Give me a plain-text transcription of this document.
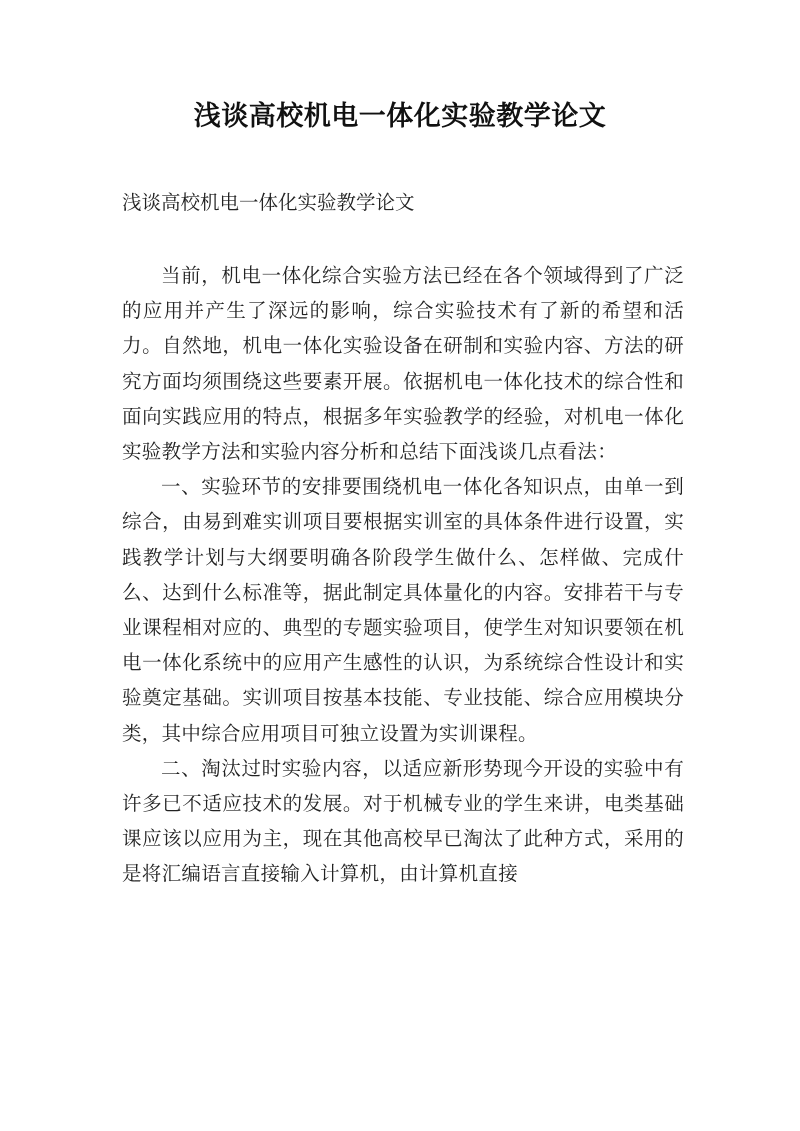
浅谈高校机电一体化实验教学论文

浅谈高校机电一体化实验教学论文

当前，机电一体化综合实验方法已经在各个领域得到了广泛的应用并产生了深远的影响，综合实验技术有了新的希望和活力。自然地，机电一体化实验设备在研制和实验内容、方法的研究方面均须围绕这些要素开展。依据机电一体化技术的综合性和面向实践应用的特点，根据多年实验教学的经验，对机电一体化实验教学方法和实验内容分析和总结下面浅谈几点看法：

一、实验环节的安排要围绕机电一体化各知识点，由单一到综合，由易到难实训项目要根据实训室的具体条件进行设置，实践教学计划与大纲要明确各阶段学生做什么、怎样做、完成什么、达到什么标准等，据此制定具体量化的内容。安排若干与专业课程相对应的、典型的专题实验项目，使学生对知识要领在机电一体化系统中的应用产生感性的认识，为系统综合性设计和实验奠定基础。实训项目按基本技能、专业技能、综合应用模块分类，其中综合应用项目可独立设置为实训课程。

二、淘汰过时实验内容，以适应新形势现今开设的实验中有许多已不适应技术的发展。对于机械专业的学生来讲，电类基础课应该以应用为主，现在其他高校早已淘汰了此种方式，采用的是将汇编语言直接输入计算机，由计算机直接
